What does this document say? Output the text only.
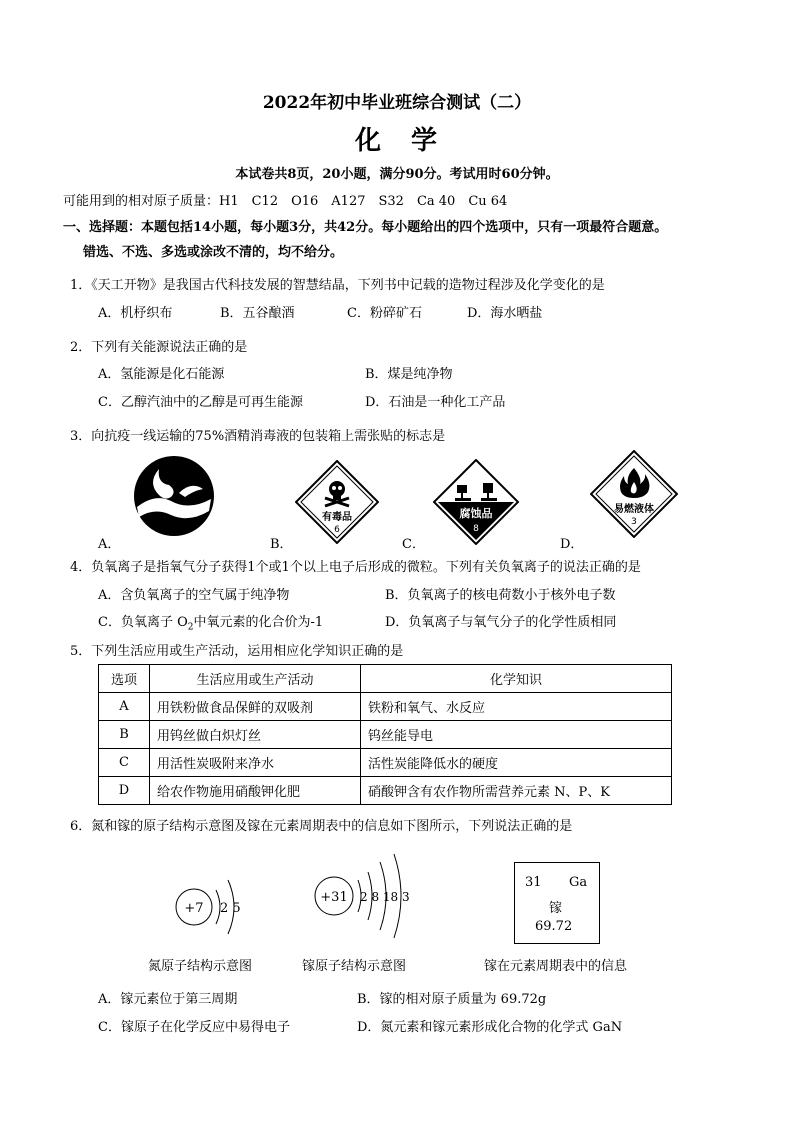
2022年初中毕业班综合测试（二）
化　学
本试卷共8页，20小题，满分90分。考试用时60分钟。
可能用到的相对原子质量：H1　C12　O16　A127　S32　Ca 40　Cu 64
一、选择题：本题包括14小题，每小题3分，共42分。每小题给出的四个选项中，只有一项最符合题意。
错选、不选、多选或涂改不清的，均不给分。
1．《天工开物》是我国古代科技发展的智慧结晶，下列书中记载的造物过程涉及化学变化的是
A．机杼织布	B．五谷酿酒	C．粉碎矿石	D．海水晒盐
2．下列有关能源说法正确的是
A．氢能源是化石能源	B．煤是纯净物
C．乙醇汽油中的乙醇是可再生能源	D．石油是一种化工产品
3．向抗疫一线运输的75%酒精消毒液的包装箱上需张贴的标志是
A．
有毒品
6
B．
腐蚀品
8
C．
易燃液体
3
D．
4．负氧离子是指氧气分子获得1个或1个以上电子后形成的微粒。下列有关负氧离子的说法正确的是
A．含负氧离子的空气属于纯净物	B．负氧离子的核电荷数小于核外电子数
C．负氧离子 $O_2$中氧元素的化合价为-1	D．负氧离子与氧气分子的化学性质相同
5．下列生活应用或生产活动，运用相应化学知识正确的是
选项	生活应用或生产活动	化学知识
A	用铁粉做食品保鲜的双吸剂	铁粉和氧气、水反应
B	用钨丝做白炽灯丝	钨丝能导电
C	用活性炭吸附来净水	活性炭能降低水的硬度
D	给农作物施用硝酸钾化肥	硝酸钾含有农作物所需营养元素 N、P、K
6．氮和镓的原子结构示意图及镓在元素周期表中的信息如下图所示，下列说法正确的是
+7 2 5
+31 2 8 18 3
31 Ga
镓
69.72
氮原子结构示意图	镓原子结构示意图	镓在元素周期表中的信息
A．镓元素位于第三周期	B．镓的相对原子质量为 69.72g
C．镓原子在化学反应中易得电子	D．氮元素和镓元素形成化合物的化学式 GaN
